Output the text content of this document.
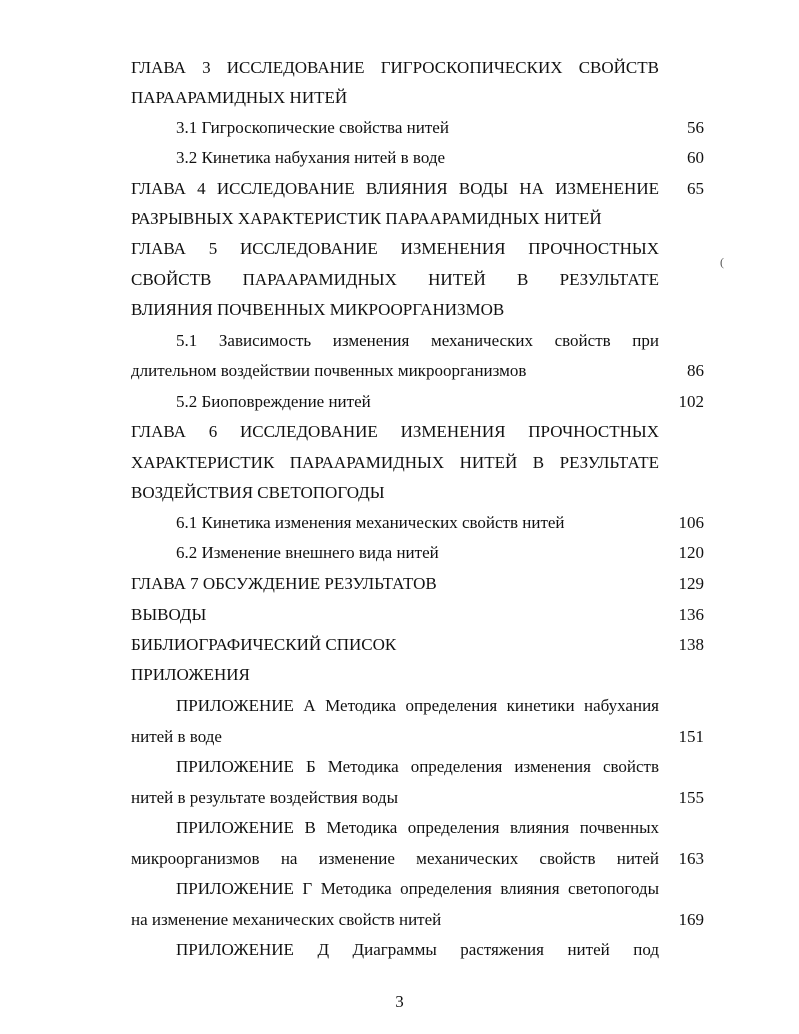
ГЛАВА 3 ИССЛЕДОВАНИЕ ГИГРОСКОПИЧЕСКИХ СВОЙСТВ
ПАРААРАМИДНЫХ НИТЕЙ
3.1 Гигроскопические свойства нитей	56
3.2 Кинетика набухания нитей в воде	60
ГЛАВА 4 ИССЛЕДОВАНИЕ ВЛИЯНИЯ ВОДЫ НА ИЗМЕНЕНИЕ	65
РАЗРЫВНЫХ ХАРАКТЕРИСТИК ПАРААРАМИДНЫХ НИТЕЙ
ГЛАВА 5 ИССЛЕДОВАНИЕ ИЗМЕНЕНИЯ ПРОЧНОСТНЫХ
СВОЙСТВ ПАРААРАМИДНЫХ НИТЕЙ В РЕЗУЛЬТАТЕ
ВЛИЯНИЯ ПОЧВЕННЫХ МИКРООРГАНИЗМОВ
5.1 Зависимость изменения механических свойств при
длительном воздействии почвенных микроорганизмов	86
5.2 Биоповреждение нитей	102
ГЛАВА 6 ИССЛЕДОВАНИЕ ИЗМЕНЕНИЯ ПРОЧНОСТНЫХ
ХАРАКТЕРИСТИК ПАРААРАМИДНЫХ НИТЕЙ В РЕЗУЛЬТАТЕ
ВОЗДЕЙСТВИЯ СВЕТОПОГОДЫ
6.1 Кинетика изменения механических свойств нитей	106
6.2 Изменение внешнего вида нитей	120
ГЛАВА 7 ОБСУЖДЕНИЕ РЕЗУЛЬТАТОВ	129
ВЫВОДЫ	136
БИБЛИОГРАФИЧЕСКИЙ СПИСОК	138
ПРИЛОЖЕНИЯ
ПРИЛОЖЕНИЕ А Методика определения кинетики набухания
нитей в воде	151
ПРИЛОЖЕНИЕ Б Методика определения изменения свойств
нитей в результате воздействия воды	155
ПРИЛОЖЕНИЕ В Методика определения влияния почвенных
микроорганизмов на изменение механических свойств нитей	163
ПРИЛОЖЕНИЕ Г Методика определения влияния светопогоды
на изменение механических свойств нитей	169
ПРИЛОЖЕНИЕ Д Диаграммы растяжения нитей под
3
(
